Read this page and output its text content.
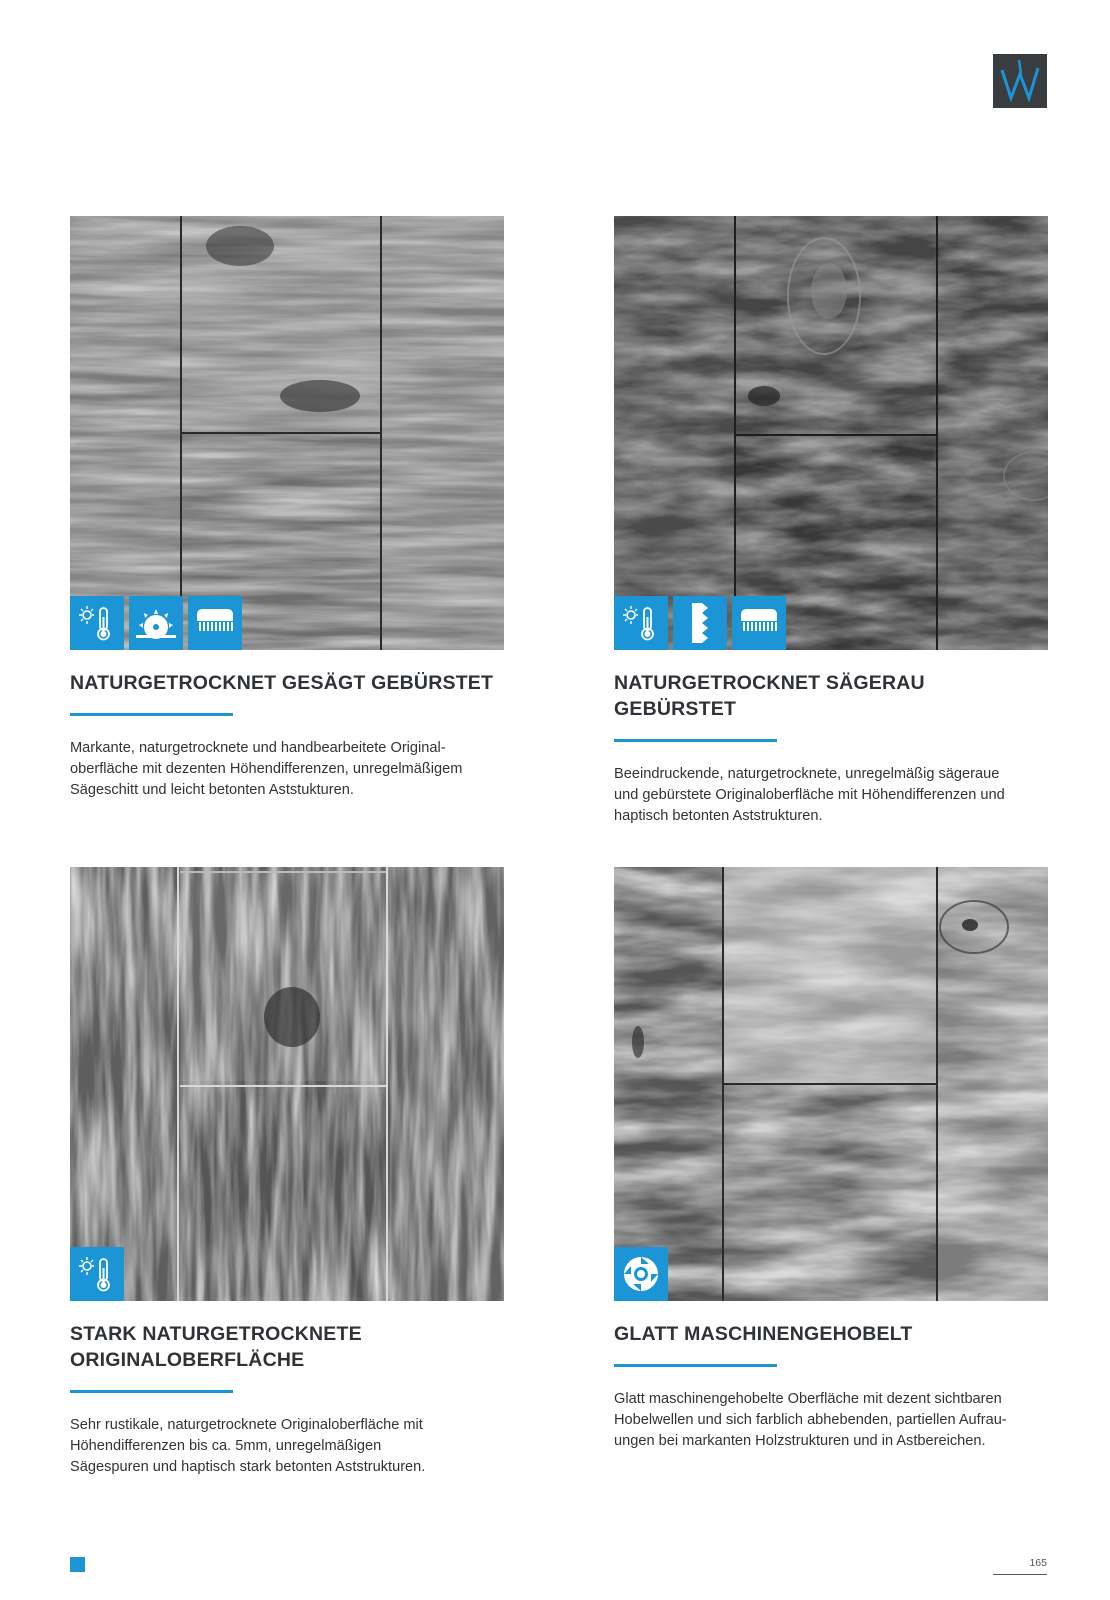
NATURGETROCKNET GESÄGT GEBÜRSTET
Markante, naturgetrocknete und handbearbeitete Original-
oberfläche mit dezenten Höhendifferenzen, unregelmäßigem
Sägeschitt und leicht betonten Aststukturen.
NATURGETROCKNET SÄGERAU GEBÜRSTET
Beeindruckende, naturgetrocknete, unregelmäßig sägeraue
und gebürstete Originaloberfläche mit Höhendifferenzen und
haptisch betonten Aststrukturen.
STARK NATURGETROCKNETE
ORIGINALOBERFLÄCHE
Sehr rustikale, naturgetrocknete Originaloberfläche mit
Höhendifferenzen bis ca. 5mm, unregelmäßigen
Sägespuren und haptisch stark betonten Aststrukturen.
GLATT MASCHINENGEHOBELT
Glatt maschinengehobelte Oberfläche mit dezent sichtbaren
Hobelwellen und sich farblich abhebenden, partiellen Aufrau-
ungen bei markanten Holzstrukturen und in Astbereichen.
165
